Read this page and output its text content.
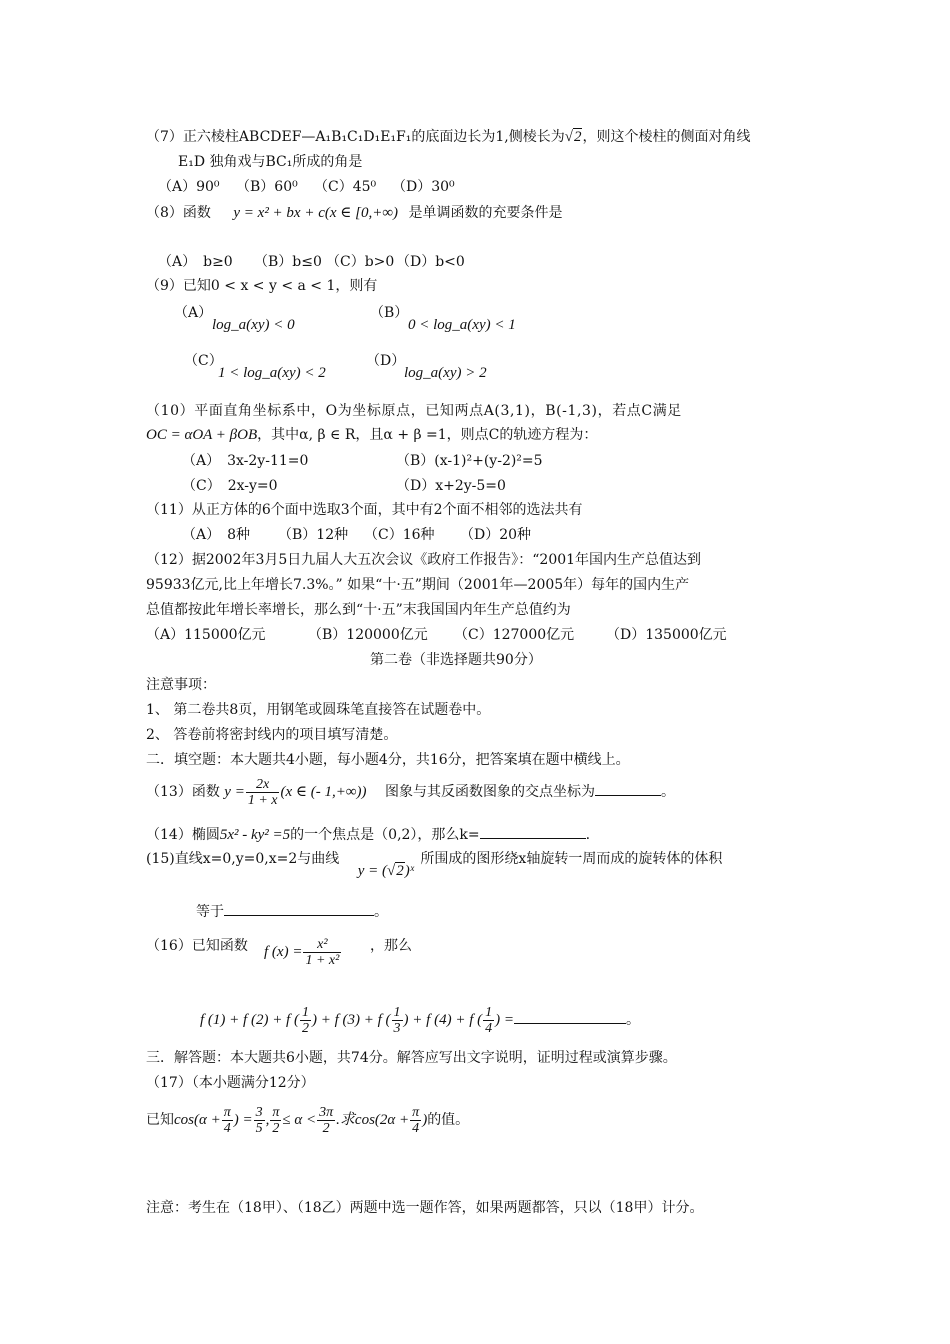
（7）正六棱柱ABCDEF—A₁B₁C₁D₁E₁F₁的底面边长为1,侧棱长为√2，则这个棱柱的侧面对角线
E₁D 独角戏与BC₁所成的角是
（A）90⁰ （B）60⁰ （C）45⁰ （D）30⁰
（8）函数 y = x² + bx + c(x ∈ [0,+∞) 是单调函数的充要条件是
（A）　b≥0 （B）b≤0 （C）b>0 （D）b<0
（9）已知0 < x < y < a < 1，则有
（A）
log_a(xy) < 0
（B）
0 < log_a(xy) < 1
（C）
1 < log_a(xy) < 2
（D）
log_a(xy) > 2
（10）平面直角坐标系中，O为坐标原点，已知两点A(3,1)，B(-1,3)，若点C满足
OC = αOA + βOB，其中α, β ∈ R，且α + β =1，则点C的轨迹方程为：
（A）　3x-2y-11=0	（B）(x-1)²+(y-2)²=5
（C）　2x-y=0	（D）x+2y-5=0
（11）从正方体的6个面中选取3个面，其中有2个面不相邻的选法共有
（A）　8种 （B）12种 （C）16种 （D）20种
（12）据2002年3月5日九届人大五次会议《政府工作报告》：“2001年国内生产总值达到
95933亿元,比上年增长7.3%。” 如果“十·五”期间（2001年—2005年）每年的国内生产
总值都按此年增长率增长，那么到“十·五”末我国国内年生产总值约为
（A）115000亿元	（B）120000亿元 （C）127000亿元 （D）135000亿元
第二卷（非选择题共90分）
注意事项：
1、 第二卷共8页，用钢笔或圆珠笔直接答在试题卷中。
2、 答卷前将密封线内的项目填写清楚。
二．填空题：本大题共4小题，每小题4分，共16分，把答案填在题中横线上。
（13）函数 $y = \frac{2x}{1 + x} (x$ ∈ (- 1,+∞)) 图象与其反函数图象的交点坐标为	。
（14）椭圆5x² - ky² =5的一个焦点是（0,2），那么k=	.
(15)直线x=0,y=0,x=2与曲线 y = (√2)ˣ 所围成的图形绕x轴旋转一周而成的旋转体的体积
等于	。
（16）已知函数 f $(x) = \frac{\text{x²}}{\text{1 + x²}}$ ，那么
f (1) + f (2) + f ( $\frac{1}{2}$ ) + f (3) + f ( $\frac{1}{3}$ ) + f (4) + f ( $\frac{1}{4}$ ) =	。
三．解答题：本大题共6小题，共74分。解答应写出文字说明，证明过程或演算步骤。
（17）（本小题满分12分）
已知$\cos(\alpha + \frac{\pi}{4}$ ) = $\frac{3}{5}$ , $\frac{\pi}{2} \le \alpha < \frac{3\pi}{2}$ .求$\cos(2\alpha + \frac{\pi}{4}$ )的值。
注意：考生在（18甲）、（18乙）两题中选一题作答，如果两题都答，只以（18甲）计分。
